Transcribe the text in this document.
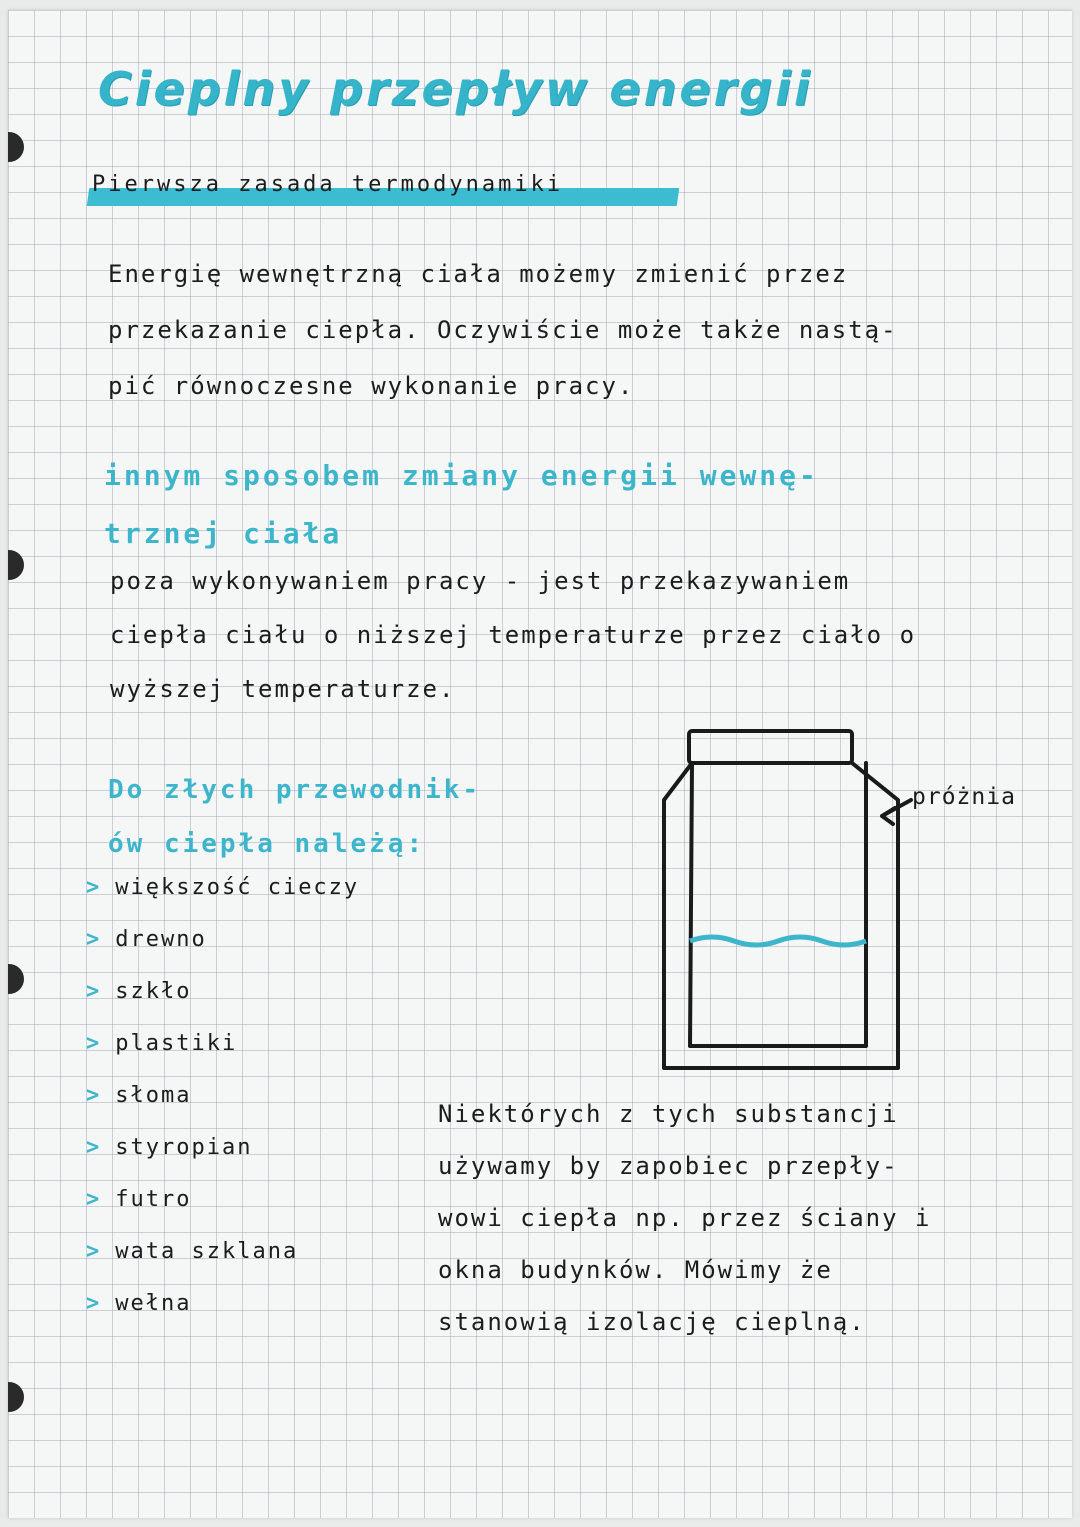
Cieplny przepływ energii
Pierwsza zasada termodynamiki
Energię wewnętrzną ciała możemy zmienić przez
przekazanie ciepła. Oczywiście może także nastą-
pić równoczesne wykonanie pracy.
innym sposobem zmiany energii wewnę-
trznej ciała
poza wykonywaniem pracy - jest przekazywaniem
ciepła ciału o niższej temperaturze przez ciało o
wyższej temperaturze.
Do złych przewodnik-
ów ciepła należą:
> większość cieczy
> drewno
> szkło
> plastiki
> słoma
> styropian
> futro
> wata szklana
> wełna
próżnia
Niektórych z tych substancji
używamy by zapobiec przepły-
wowi ciepła np. przez ściany i
okna budynków. Mówimy że
stanowią izolację cieplną.
